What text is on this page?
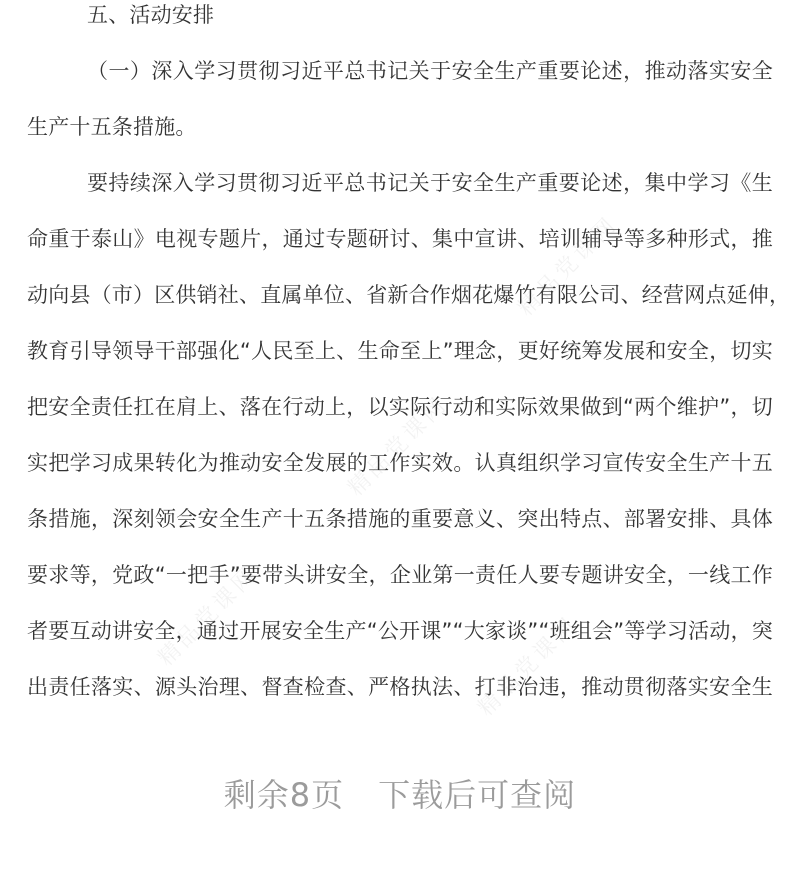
五、活动安排
（一）深入学习贯彻习近平总书记关于安全生产重要论述，推动落实安全
生产十五条措施。
要持续深入学习贯彻习近平总书记关于安全生产重要论述，集中学习《生
命重于泰山》电视专题片，通过专题研讨、集中宣讲、培训辅导等多种形式，推
动向县（市）区供销社、直属单位、省新合作烟花爆竹有限公司、经营网点延伸，
教育引导领导干部强化“人民至上、生命至上”理念，更好统筹发展和安全，切实
把安全责任扛在肩上、落在行动上，以实际行动和实际效果做到“两个维护”，切
实把学习成果转化为推动安全发展的工作实效。认真组织学习宣传安全生产十五
条措施，深刻领会安全生产十五条措施的重要意义、突出特点、部署安排、具体
要求等，党政“一把手”要带头讲安全，企业第一责任人要专题讲安全，一线工作
者要互动讲安全，通过开展安全生产“公开课”“大家谈”“班组会”等学习活动，突
出责任落实、源头治理、督查检查、严格执法、打非治违，推动贯彻落实安全生
精品党课网
精品党课网	精品党课网
精品党课网
剩余8页 下载后可查阅
